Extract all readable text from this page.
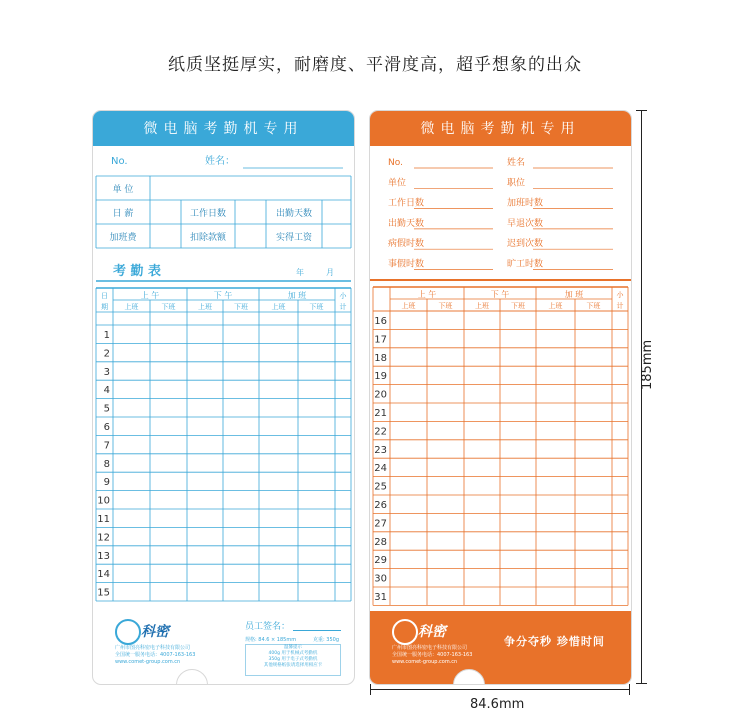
纸质坚挺厚实，耐磨度、平滑度高，超乎想象的出众
微电脑考勤机专用
No.	姓名：
单 位
日 薪	工作日数	出勤天数
加班费	扣除款额	实得工资
考 勤 表	年	月
上 午	下 午	加 班
上班	下班	上班	下班	上班	下班
日
期
小
计
1
2
3
4
5
6
7
8
9
10
11
12
13
14
15
科密
广州市图亮科密电子科技有限公司
全国统一服务电话：4007-163-163
www.comet-group.com.cn
员工签名：
规格: 84.6 × 185mm	克重: 350g
温馨提示
400g 用于机械式考勤机
350g 用于电子式考勤机
其他规格纸张请选择用相应卡
微电脑考勤机专用
No.	姓名
单位	职位
工作日数	加班时数
出勤天数	早退次数
病假时数	迟到次数
事假时数	旷工时数
上 午	下 午	加 班
上班	下班	上班	下班	上班	下班
小
计
16
17
18
19
20
21
22
23
24
25
26
27
28
29
30
31
科密
广州市图亮科密电子科技有限公司
全国统一服务电话：4007-163-163
www.comet-group.com.cn
争分夺秒 珍惜时间
185mm
84.6mm
